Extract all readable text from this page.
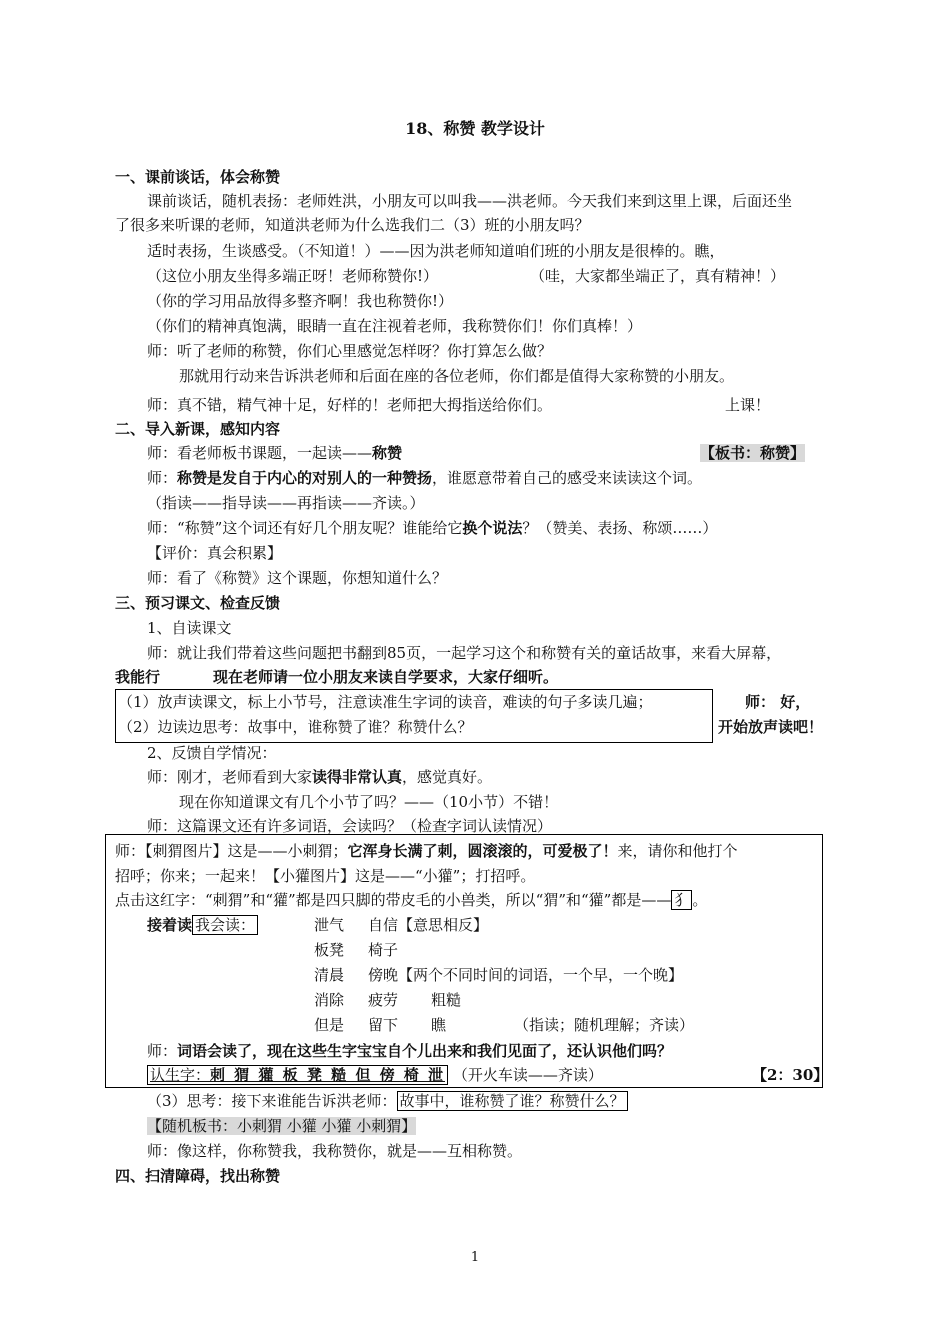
18、称赞 教学设计
一、课前谈话，体会称赞
课前谈话，随机表扬：老师姓洪，小朋友可以叫我——洪老师。今天我们来到这里上课，后面还坐
了很多来听课的老师，知道洪老师为什么选我们二（3）班的小朋友吗？
适时表扬，生谈感受。（不知道！）——因为洪老师知道咱们班的小朋友是很棒的。瞧，
（这位小朋友坐得多端正呀！老师称赞你!）	（哇，大家都坐端正了，真有精神！）
（你的学习用品放得多整齐啊！我也称赞你!）
（你们的精神真饱满，眼睛一直在注视着老师，我称赞你们！你们真棒！）
师：听了老师的称赞，你们心里感觉怎样呀？你打算怎么做？
那就用行动来告诉洪老师和后面在座的各位老师，你们都是值得大家称赞的小朋友。
师：真不错，精气神十足，好样的！老师把大拇指送给你们。	上课！
二、导入新课，感知内容
师：看老师板书课题，一起读——称赞	【板书：称赞】
师：称赞是发自于内心的对别人的一种赞扬，谁愿意带着自己的感受来读读这个词。
（指读——指导读——再指读——齐读。）
师：“称赞”这个词还有好几个朋友呢？谁能给它换个说法？（赞美、表扬、称颂……）
【评价：真会积累】
师：看了《称赞》这个课题，你想知道什么？
三、预习课文、检查反馈
1、自读课文
师：就让我们带着这些问题把书翻到85页，一起学习这个和称赞有关的童话故事，来看大屏幕，
我能行	现在老师请一位小朋友来读自学要求，大家仔细听。
（1）放声读课文，标上小节号，注意读准生字词的读音，难读的句子多读几遍；
（2）边读边思考：故事中，谁称赞了谁？称赞什么？
师： 好，
开始放声读吧！
2、反馈自学情况：
师：刚才，老师看到大家读得非常认真，感觉真好。
现在你知道课文有几个小节了吗？——（10小节）不错！
师：这篇课文还有许多词语，会读吗？（检查字词认读情况）
师：【刺猬图片】这是——小刺猬；它浑身长满了刺，圆滚滚的，可爱极了！来，请你和他打个
招呼；你来；一起来！【小獾图片】这是——“小獾”；打招呼。
点击这红字：“刺猬”和“獾”都是四只脚的带皮毛的小兽类，所以“猬”和“獾”都是—— 犭 。
接着读 我会读：	泄气 自信【意思相反】
板凳 椅子
清晨 傍晚【两个不同时间的词语，一个早，一个晚】
消除 疲劳 粗糙
但是 留下 瞧	（指读；随机理解；齐读）
师：词语会读了，现在这些生字宝宝自个儿出来和我们见面了，还认识他们吗？
认生字：刺 猬 獾 板 凳 糙 但 傍 椅 泄 （开火车读——齐读）	【2：30】
（3）思考：接下来谁能告诉洪老师： 故事中，谁称赞了谁？称赞什么？
【随机板书：小刺猬 小獾 小獾 小刺猬】
师：像这样，你称赞我，我称赞你，就是——互相称赞。
四、扫清障碍，找出称赞
1
